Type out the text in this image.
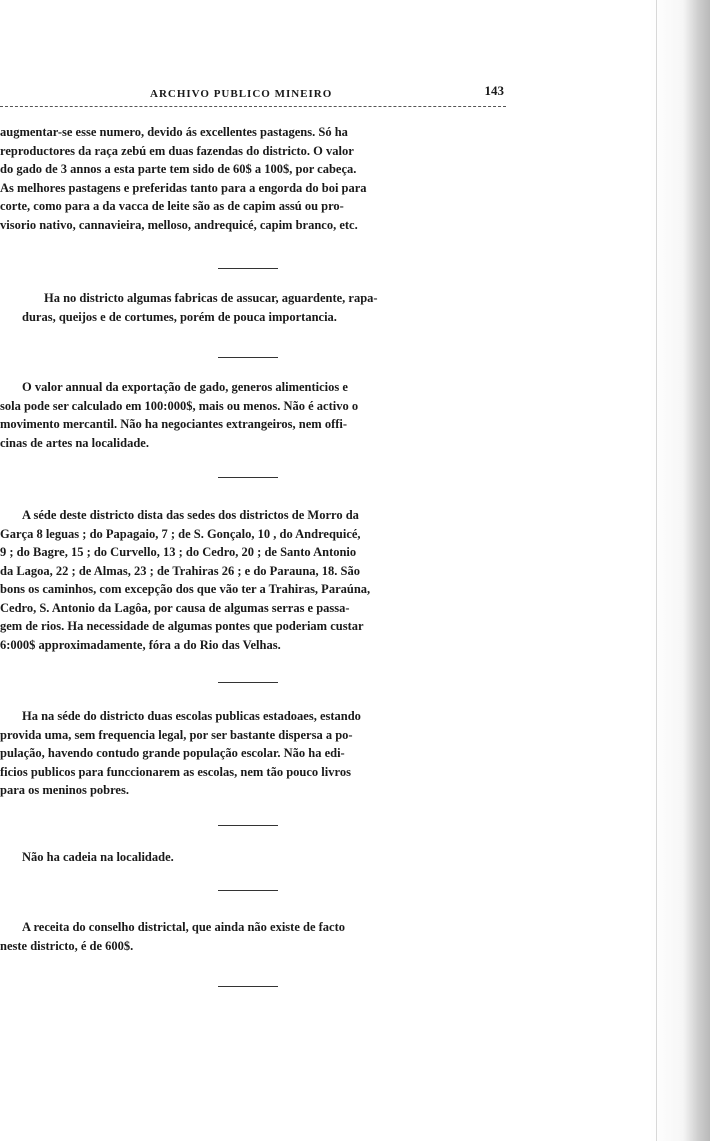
ARCHIVO PUBLICO MINEIRO	143
augmentar-se esse numero, devido ás excellentes pastagens. Só ha
reproductores da raça zebú em duas fazendas do districto. O valor
do gado de 3 annos a esta parte tem sido de 60$ a 100$, por cabeça.
As melhores pastagens e preferidas tanto para a engorda do boi para
corte, como para a da vacca de leite são as de capim assú ou pro-
visorio nativo, cannavieira, melloso, andrequicé, capim branco, etc.
Ha no districto algumas fabricas de assucar, aguardente, rapa-
duras, queijos e de cortumes, porém de pouca importancia.
O valor annual da exportação de gado, generos alimenticios e
sola pode ser calculado em 100:000$, mais ou menos. Não é activo o
movimento mercantil. Não ha negociantes extrangeiros, nem offi-
cinas de artes na localidade.
A séde deste districto dista das sedes dos districtos de Morro da
Garça 8 leguas ; do Papagaio, 7 ; de S. Gonçalo, 10 , do Andrequicé,
9 ; do Bagre, 15 ; do Curvello, 13 ; do Cedro, 20 ; de Santo Antonio
da Lagoa, 22 ; de Almas, 23 ; de Trahiras 26 ; e do Parauna, 18. São
bons os caminhos, com excepção dos que vão ter a Trahiras, Paraúna,
Cedro, S. Antonio da Lagôa, por causa de algumas serras e passa-
gem de rios. Ha necessidade de algumas pontes que poderiam custar
6:000$ approximadamente, fóra a do Rio das Velhas.
Ha na séde do districto duas escolas publicas estadoaes, estando
provida uma, sem frequencia legal, por ser bastante dispersa a po-
pulação, havendo contudo grande população escolar. Não ha edi-
ficios publicos para funccionarem as escolas, nem tão pouco livros
para os meninos pobres.
Não ha cadeia na localidade.
A receita do conselho districtal, que ainda não existe de facto
neste districto, é de 600$.
